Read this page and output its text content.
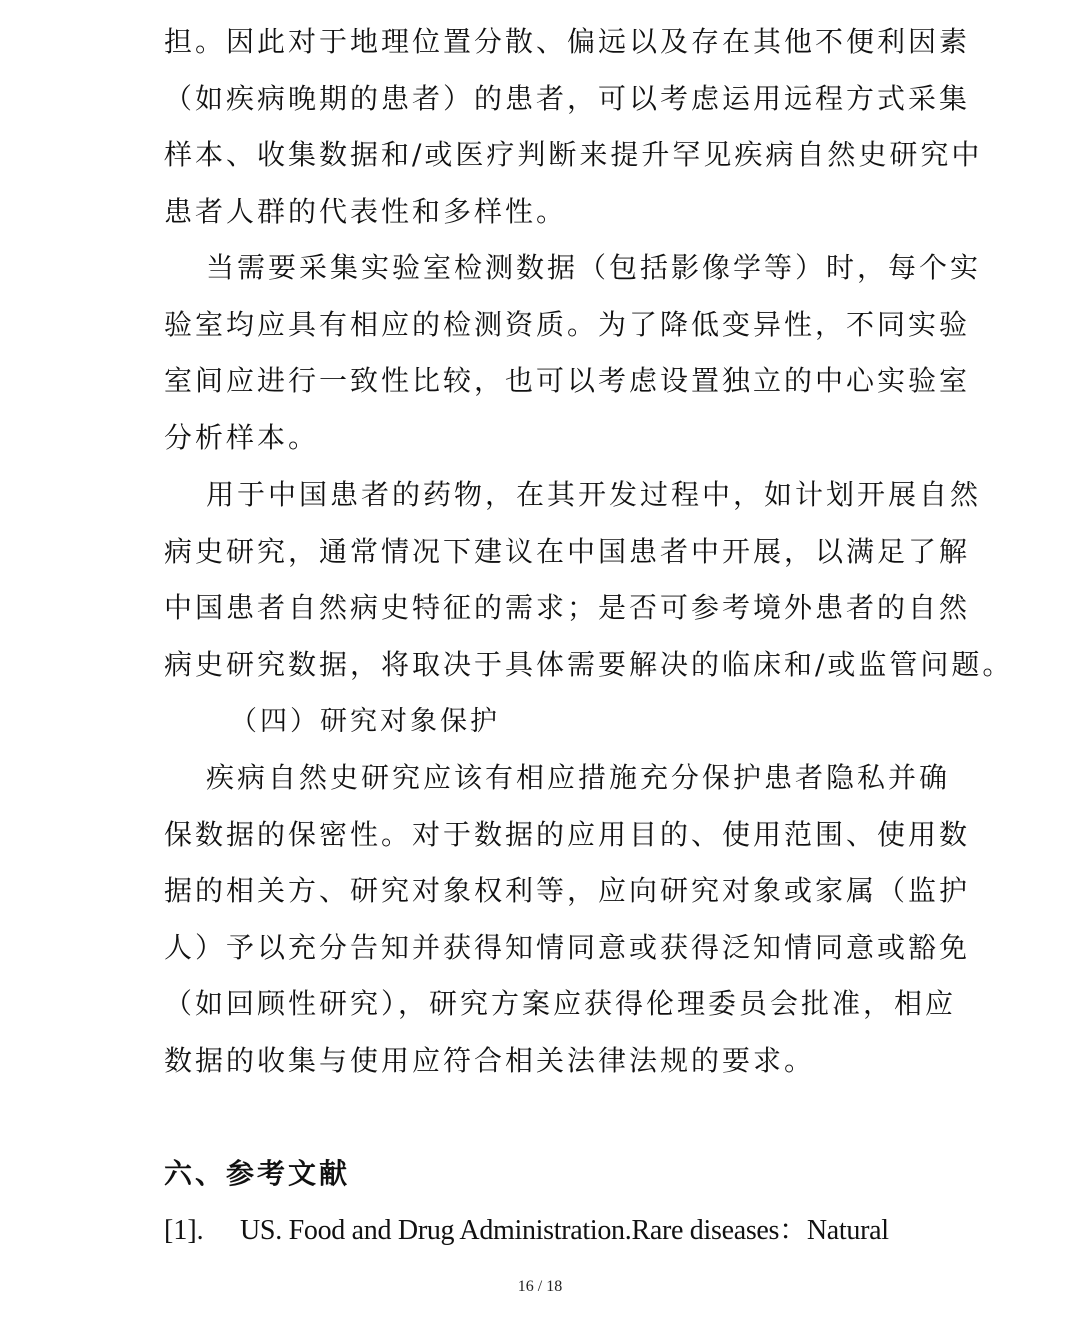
担。因此对于地理位置分散、偏远以及存在其他不便利因素
（如疾病晚期的患者）的患者，可以考虑运用远程方式采集
样本、收集数据和/或医疗判断来提升罕见疾病自然史研究中
患者人群的代表性和多样性。
当需要采集实验室检测数据（包括影像学等）时，每个实
验室均应具有相应的检测资质。为了降低变异性，不同实验
室间应进行一致性比较，也可以考虑设置独立的中心实验室
分析样本。
用于中国患者的药物，在其开发过程中，如计划开展自然
病史研究，通常情况下建议在中国患者中开展，以满足了解
中国患者自然病史特征的需求；是否可参考境外患者的自然
病史研究数据，将取决于具体需要解决的临床和/或监管问题。
（四）研究对象保护
疾病自然史研究应该有相应措施充分保护患者隐私并确
保数据的保密性。对于数据的应用目的、使用范围、使用数
据的相关方、研究对象权利等，应向研究对象或家属（监护
人）予以充分告知并获得知情同意或获得泛知情同意或豁免
（如回顾性研究），研究方案应获得伦理委员会批准，相应
数据的收集与使用应符合相关法律法规的要求。
六、参考文献
[1]. US. Food and Drug Administration.Rare diseases：Natural
16 / 18
